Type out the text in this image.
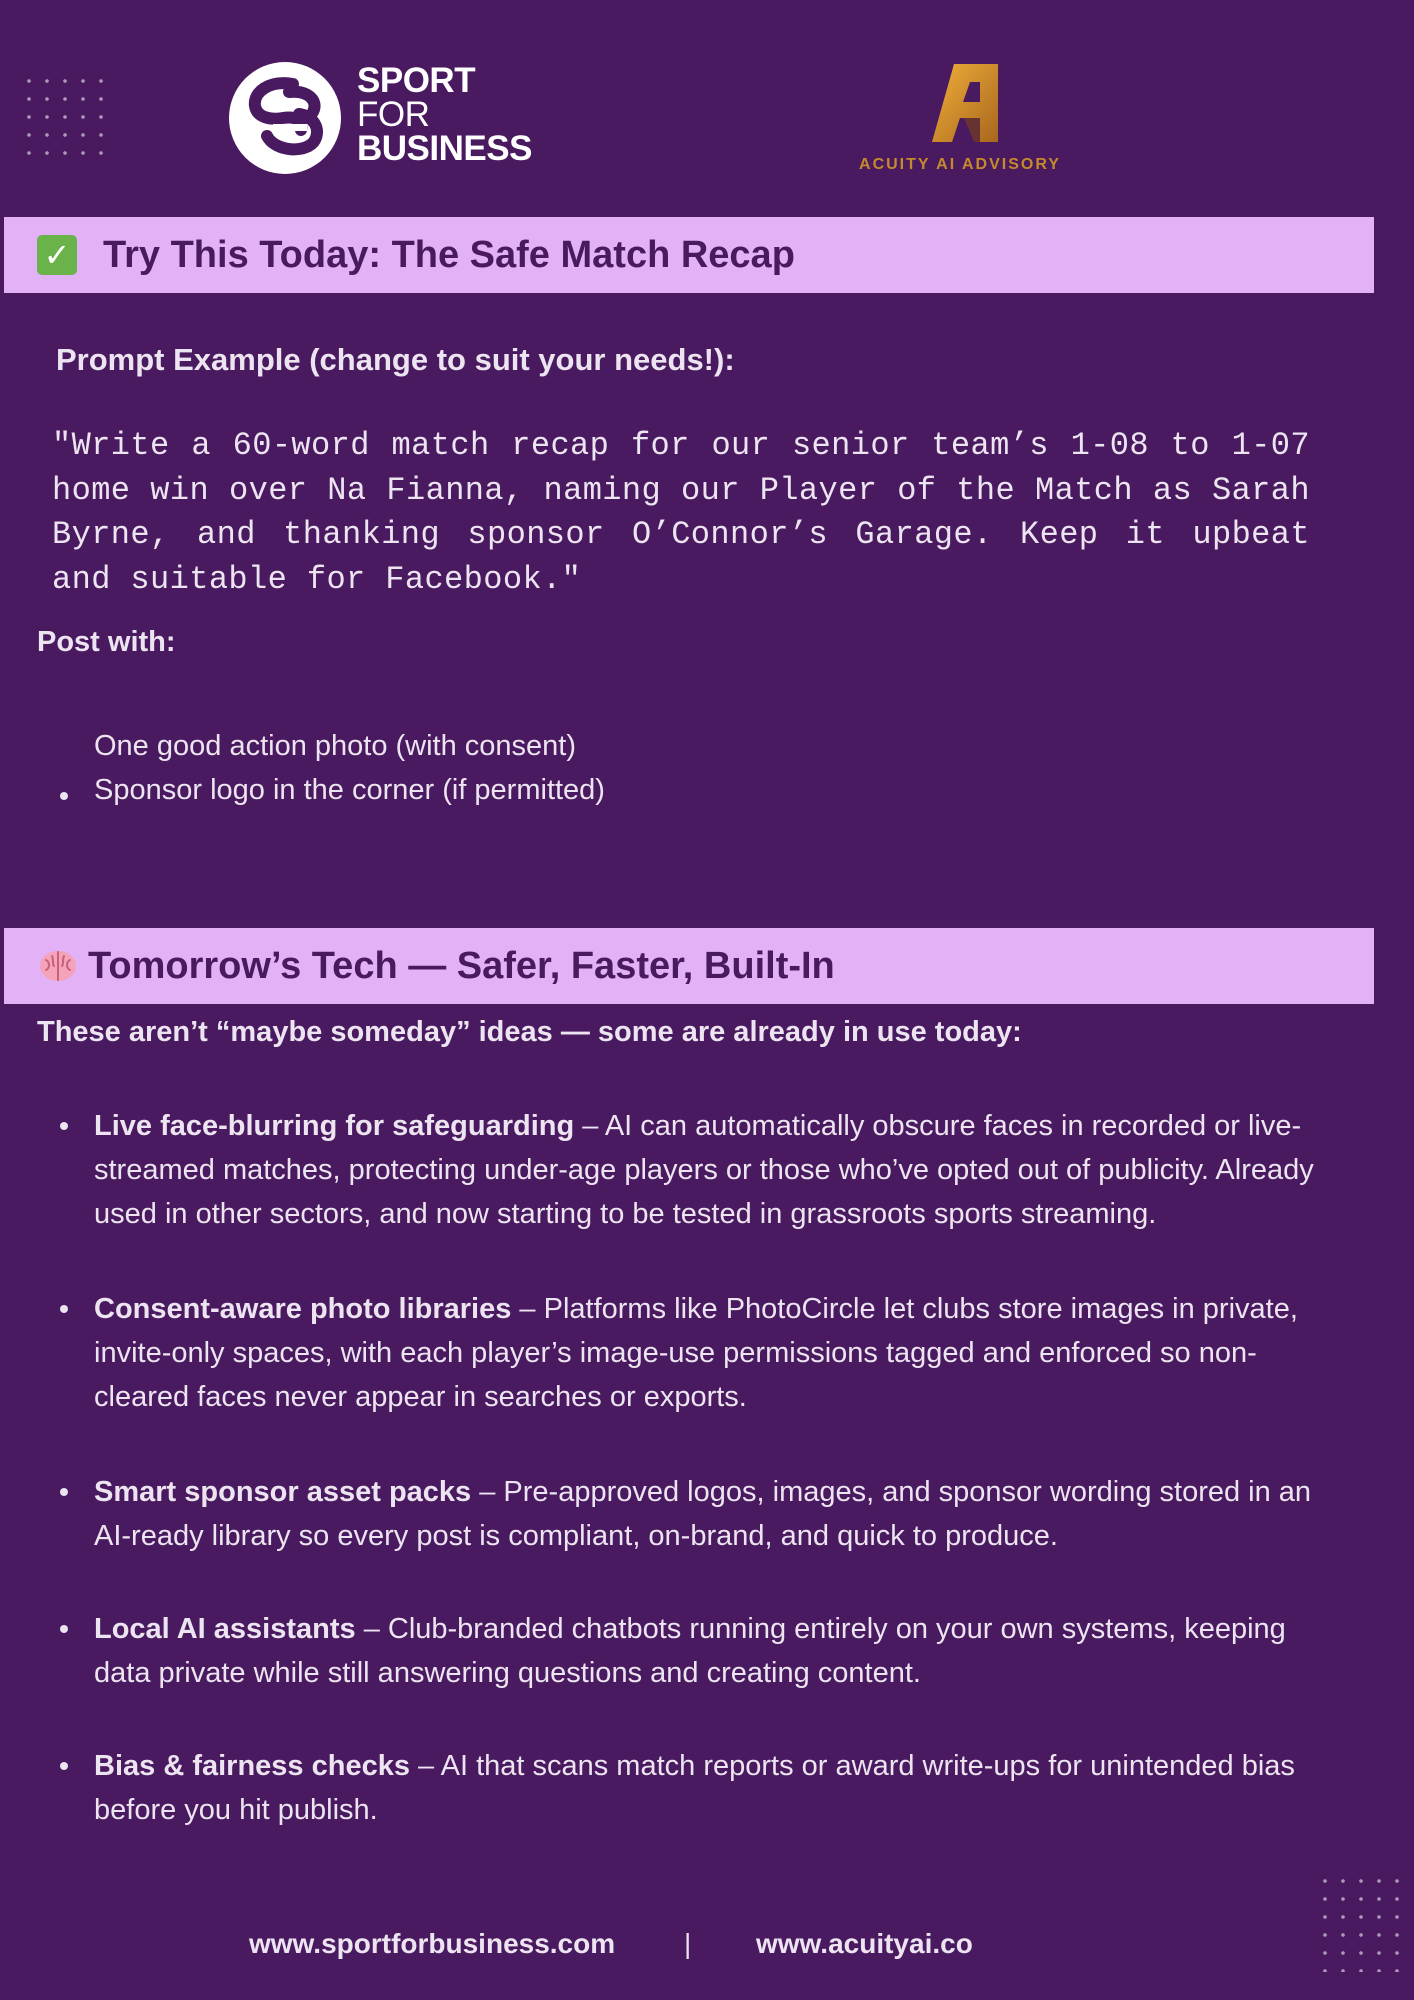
SPORT
FOR
BUSINESS	ACUITY AI ADVISORY
✓ Try This Today: The Safe Match Recap
Prompt Example (change to suit your needs!):
"Write a 60-word match recap for our senior team’s 1-08 to 1-07 home win over Na Fianna, naming our Player of the Match as Sarah Byrne, and thanking sponsor O’Connor’s Garage. Keep it upbeat and suitable for Facebook."
Post with:
One good action photo (with consent)
Sponsor logo in the corner (if permitted)
Tomorrow’s Tech — Safer, Faster, Built-In
These aren’t “maybe someday” ideas — some are already in use today:
Live face-blurring for safeguarding – AI can automatically obscure faces in recorded or live- streamed matches, protecting under-age players or those who’ve opted out of publicity. Already used in other sectors, and now starting to be tested in grassroots sports streaming.
Consent-aware photo libraries – Platforms like PhotoCircle let clubs store images in private, invite-only spaces, with each player’s image-use permissions tagged and enforced so non- cleared faces never appear in searches or exports.
Smart sponsor asset packs – Pre-approved logos, images, and sponsor wording stored in an AI-ready library so every post is compliant, on-brand, and quick to produce.
Local AI assistants – Club-branded chatbots running entirely on your own systems, keeping data private while still answering questions and creating content.
Bias & fairness checks – AI that scans match reports or award write-ups for unintended bias before you hit publish.
www.sportforbusiness.com | www.acuityai.co
